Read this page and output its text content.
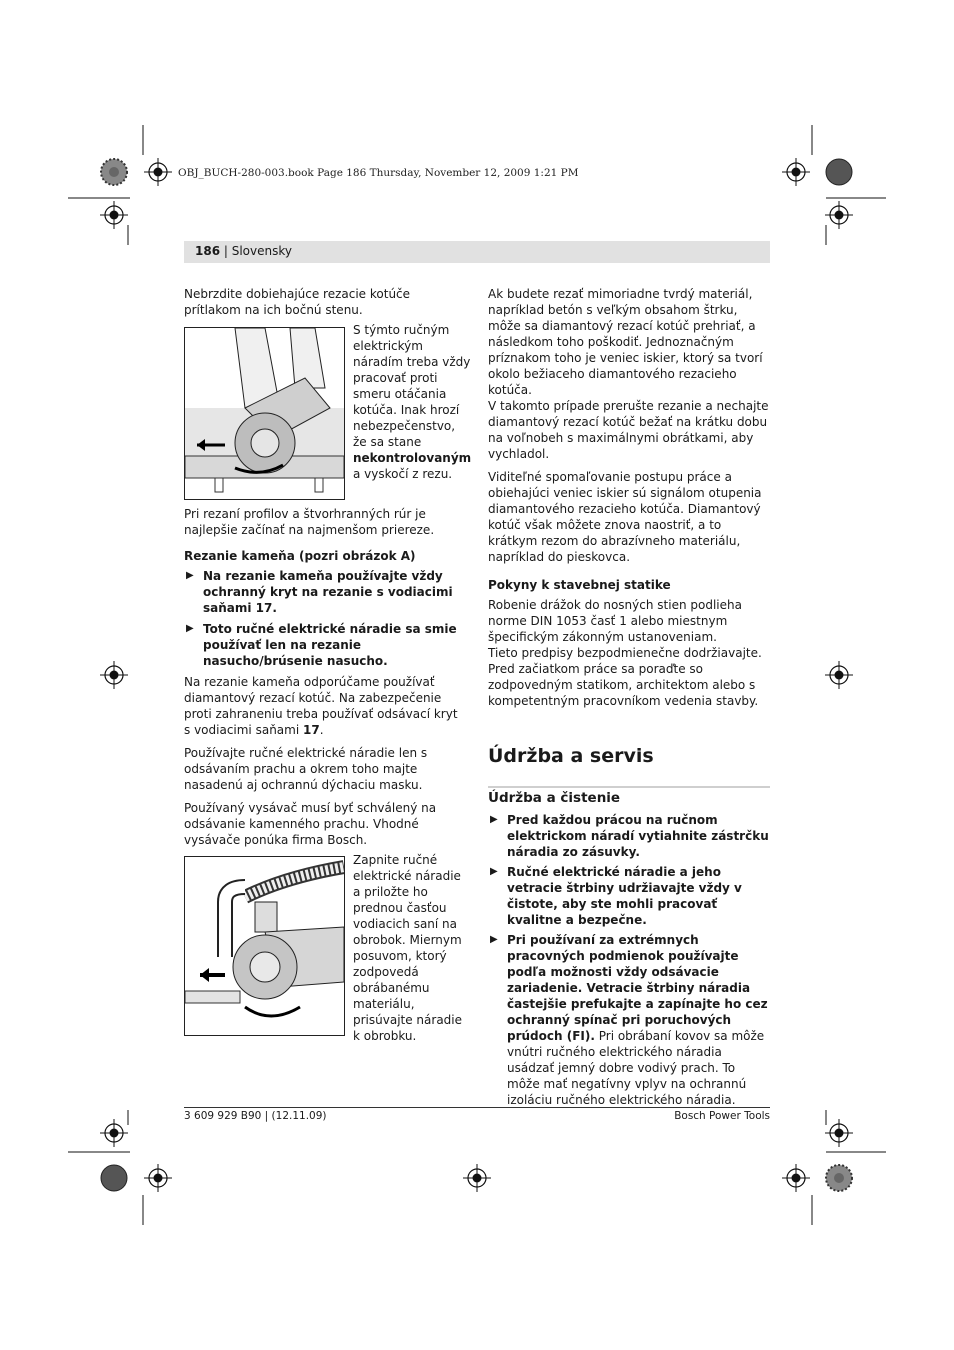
OBJ_BUCH-280-003.book Page 186 Thursday, November 12, 2009 1:21 PM
186 | Slovensky

Nebrzdite dobiehajúce rezacie kotúče prítlakom na ich bočnú stenu.

S týmto ručným
elektrickým
náradím treba vždy
pracovať proti
smeru otáčania
kotúča. Inak hrozí
nebezpečenstvo,
že sa stane
nekontrolovaným
a vyskočí z rezu.

Pri rezaní profilov a štvorhranných rúr je najlepšie začínať na najmenšom priereze.

Rezanie kameňa (pozri obrázok A)

▶ Na rezanie kameňa používajte vždy ochranný kryt na rezanie s vodiacimi saňami 17.
▶ Toto ručné elektrické náradie sa smie používať len na rezanie nasucho/brúsenie nasucho.

Na rezanie kameňa odporúčame používať diamantový rezací kotúč. Na zabezpečenie proti zahraneniu treba používať odsávací kryt s vodiacimi saňami 17.

Používajte ručné elektrické náradie len s odsávaním prachu a okrem toho majte nasadenú aj ochrannú dýchaciu masku.

Používaný vysávač musí byť schválený na odsávanie kamenného prachu. Vhodné vysávače ponúka firma Bosch.

Zapnite ručné
elektrické náradie
a priložte ho
prednou časťou
vodiacich saní na
obrobok. Miernym
posuvom, ktorý
zodpovedá
obrábanému
materiálu,
prisúvajte náradie
k obrobku.

Ak budete rezať mimoriadne tvrdý materiál, napríklad betón s veľkým obsahom štrku, môže sa diamantový rezací kotúč prehriať, a následkom toho poškodiť. Jednoznačným príznakom toho je veniec iskier, ktorý sa tvorí okolo bežiaceho diamantového rezacieho kotúča.

V takomto prípade prerušte rezanie a nechajte diamantový rezací kotúč bežať na krátku dobu na voľnobeh s maximálnymi obrátkami, aby vychladol.

Viditeľné spomaľovanie postupu práce a obiehajúci veniec iskier sú signálom otupenia diamantového rezacieho kotúča. Diamantový kotúč však môžete znova naostriť, a to krátkym rezom do abrazívneho materiálu, napríklad do pieskovca.

Pokyny k stavebnej statike

Robenie drážok do nosných stien podlieha norme DIN 1053 časť 1 alebo miestnym špecifickým zákonným ustanoveniam.

Tieto predpisy bezpodmienečne dodržiavajte. Pred začiatkom práce sa poraďte so zodpovedným statikom, architektom alebo s kompetentným pracovníkom vedenia stavby.

Údržba a servis
Údržba a čistenie
▶ Pred každou prácou na ručnom elektrickom náradí vytiahnite zástrčku náradia zo zásuvky.
▶ Ručné elektrické náradie a jeho vetracie štrbiny udržiavajte vždy v čistote, aby ste mohli pracovať kvalitne a bezpečne.
▶ Pri používaní za extrémnych pracovných podmienok používajte podľa možnosti vždy odsávacie zariadenie. Vetracie štrbiny náradia častejšie prefukajte a zapínajte ho cez ochranný spínač pri poruchových prúdoch (FI). Pri obrábaní kovov sa môže vnútri ručného elektrického náradia usádzať jemný dobre vodivý prach. To môže mať negatívny vplyv na ochrannú izoláciu ručného elektrického náradia.
3 609 929 B90 | (12.11.09)	Bosch Power Tools
